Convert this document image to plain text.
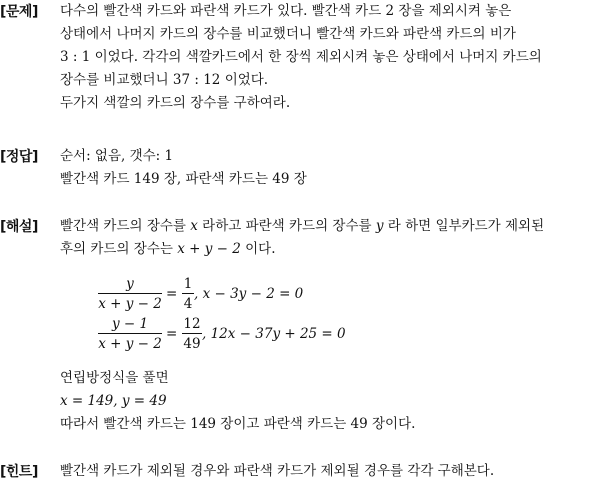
[문제] 다수의 빨간색 카드와 파란색 카드가 있다. 빨간색 카드 2 장을 제외시켜 놓은
상태에서 나머지 카드의 장수를 비교했더니 빨간색 카드와 파란색 카드의 비가
3 : 1 이었다. 각각의 색깔카드에서 한 장씩 제외시켜 놓은 상태에서 나머지 카드의
장수를 비교했더니 37 : 12 이었다.
두가지 색깔의 카드의 장수를 구하여라.
[정답] 순서: 없음, 갯수: 1
빨간색 카드 149 장, 파란색 카드는 49 장
[해설] 빨간색 카드의 장수를 x 라하고 파란색 카드의 장수를 y 라 하면 일부카드가 제외된
후의 카드의 장수는 x + y − 2 이다.
y
x + y − 2
=
1
4
, x − 3y − 2 = 0
y − 1
x + y − 2
=
12
49
, 12x − 37y + 25 = 0
연립방정식을 풀면
x = 149, y = 49
따라서 빨간색 카드는 149 장이고 파란색 카드는 49 장이다.
[힌트] 빨간색 카드가 제외될 경우와 파란색 카드가 제외될 경우를 각각 구해본다.
